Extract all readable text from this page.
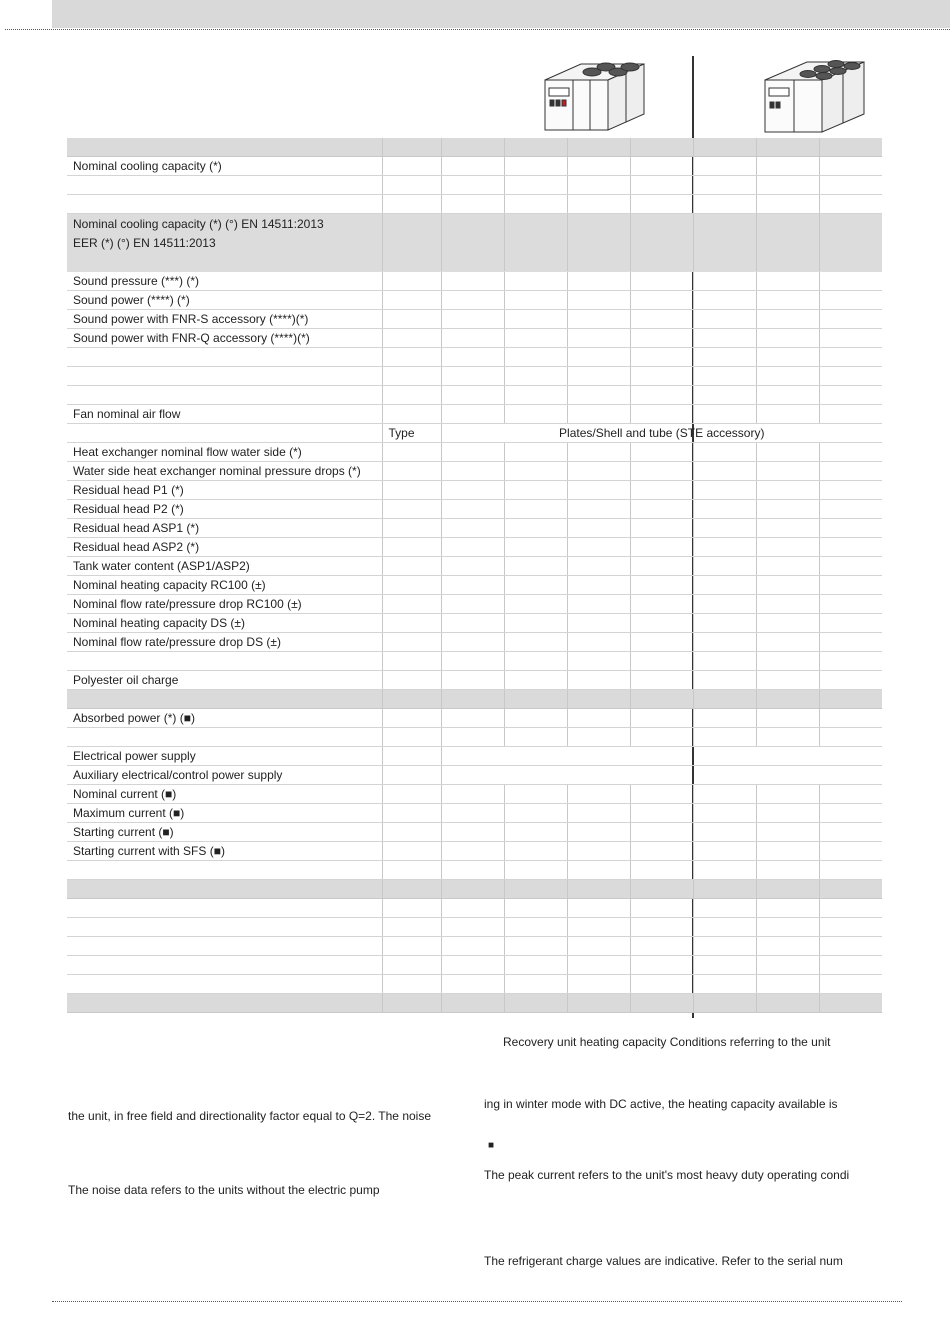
Nominal cooling capacity (*)								

Nominal cooling capacity (*) (°) EN 14511:2013
EER (*) (°) EN 14511:2013								

Sound pressure (***) (*)								
Sound power (****) (*)								
Sound power with FNR-S accessory (****)(*)								
Sound power with FNR-Q accessory (****)(*)								

Fan nominal air flow								
	Type	Plates/Shell and tube (STE accessory)						
Heat exchanger nominal flow water side (*)								
Water side heat exchanger nominal pressure drops (*)								
Residual head P1 (*)								
Residual head P2 (*)								
Residual head ASP1 (*)								
Residual head ASP2 (*)								
Tank water content (ASP1/ASP2)								
Nominal heating capacity RC100 (±)								
Nominal flow rate/pressure drop RC100 (±)								
Nominal heating capacity DS (±)								
Nominal flow rate/pressure drop DS (±)								

Polyester oil charge								

Absorbed power (*) (■)								

Electrical power supply								
Auxiliary electrical/control power supply								
Nominal current (■)								
Maximum current (■)								
Starting current (■)								
Starting current with SFS (■)								

Recovery unit heating capacity Conditions referring to the unit
ing in winter mode with DC active, the heating capacity available is
the unit, in free field and directionality factor equal to Q=2. The noise
■
The peak current refers to the unit's most heavy duty operating condi
The noise data refers to the units without the electric pump
The refrigerant charge values are indicative. Refer to the serial num
